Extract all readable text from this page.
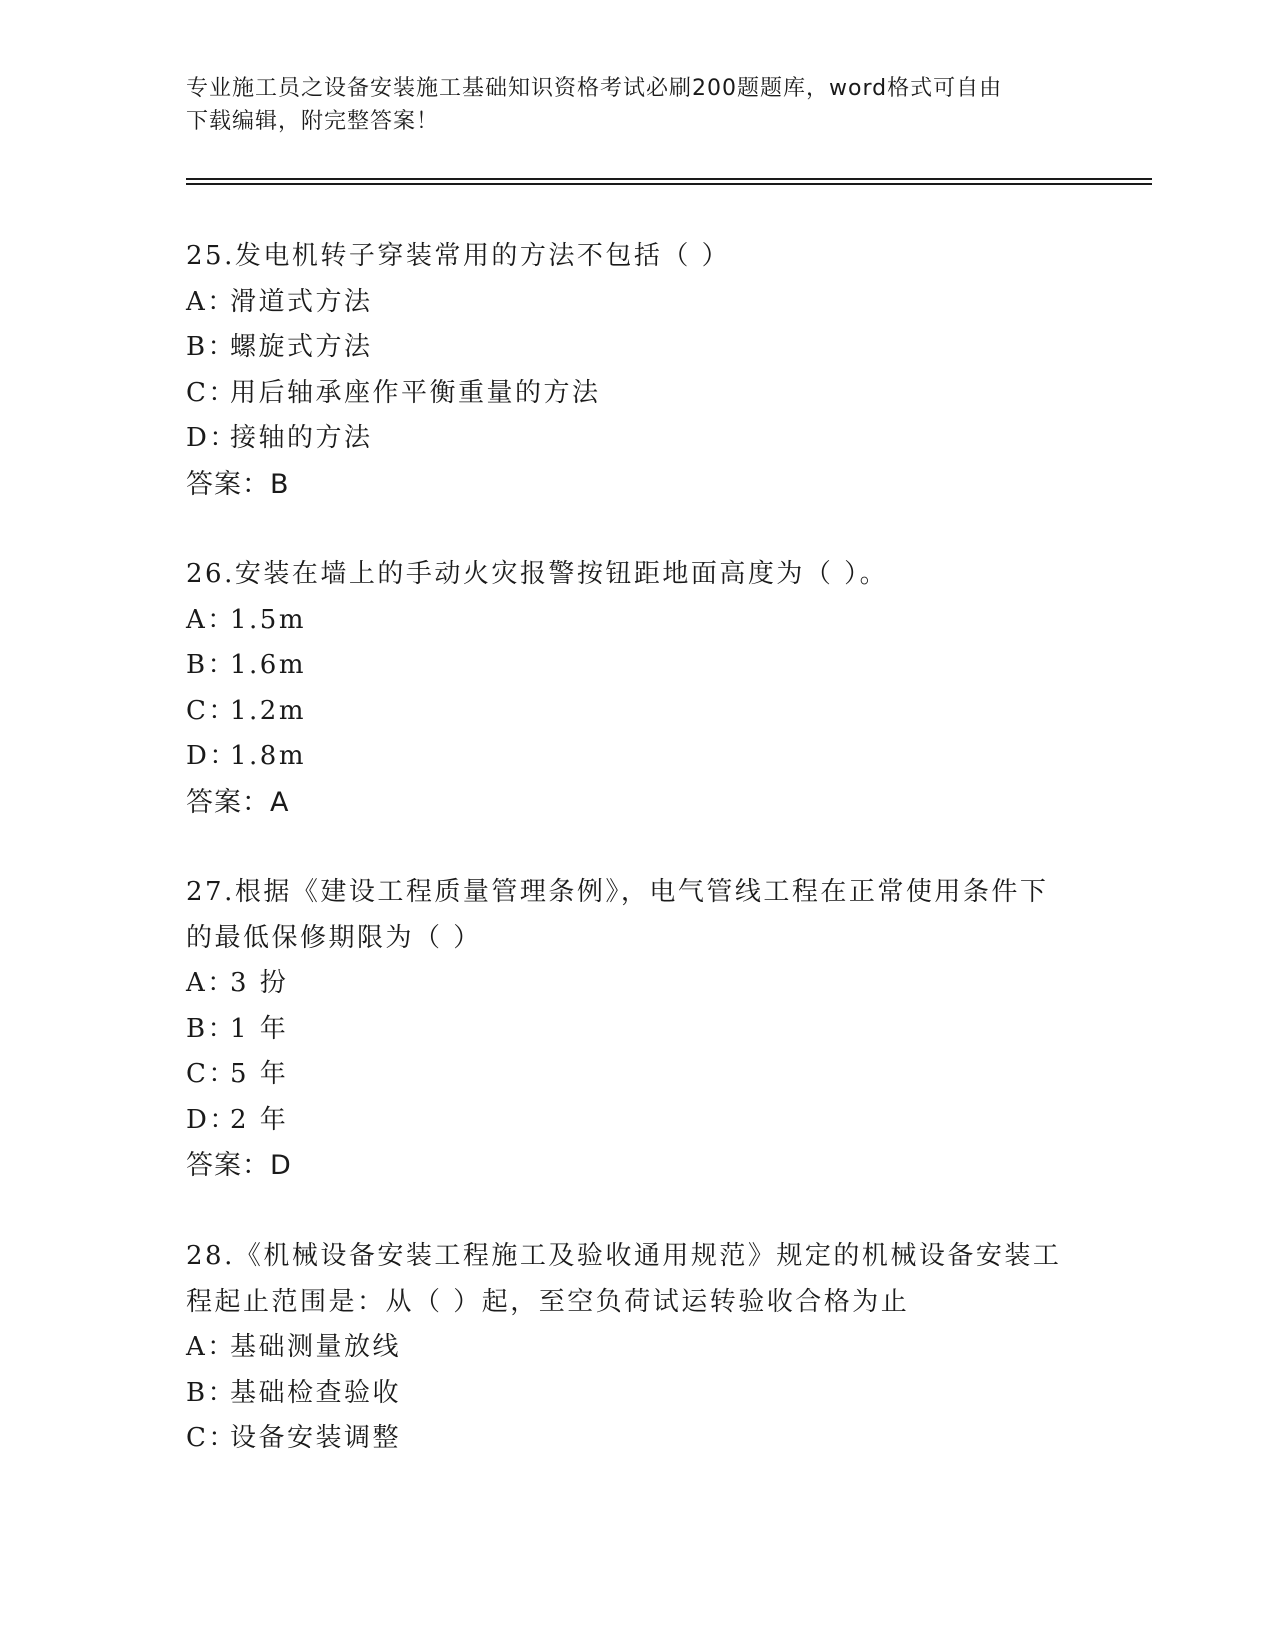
专业施工员之设备安装施工基础知识资格考试必刷200题题库，word格式可自由
下载编辑，附完整答案！
25.发电机转子穿装常用的方法不包括（ ）
A：滑道式方法
B：螺旋式方法
C：用后轴承座作平衡重量的方法
D：接轴的方法
答案：B
26.安装在墙上的手动火灾报警按钮距地面高度为（ ）。
A：1.5m
B：1.6m
C：1.2m
D：1.8m
答案：A
27.根据《建设工程质量管理条例》，电气管线工程在正常使用条件下
的最低保修期限为（ ）
A：3 扮
B：1 年
C：5 年
D：2 年
答案：D
28.《机械设备安装工程施工及验收通用规范》规定的机械设备安装工
程起止范围是：从（ ）起，至空负荷试运转验收合格为止
A：基础测量放线
B：基础检查验收
C：设备安装调整
